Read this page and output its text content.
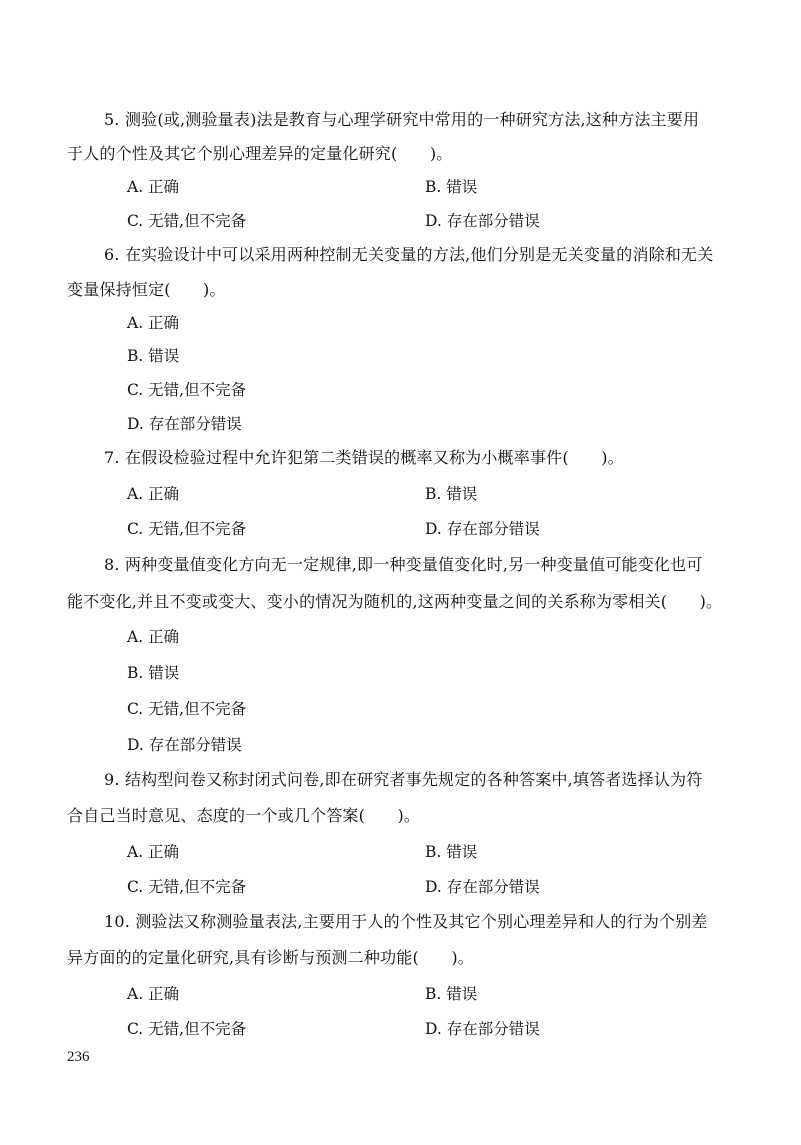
5. 测验(或,测验量表)法是教育与心理学研究中常用的一种研究方法,这种方法主要用
于人的个性及其它个别心理差异的定量化研究(　　)。
A. 正确	B. 错误
C. 无错,但不完备	D. 存在部分错误
6. 在实验设计中可以采用两种控制无关变量的方法,他们分别是无关变量的消除和无关
变量保持恒定(　　)。
A. 正确
B. 错误
C. 无错,但不完备
D. 存在部分错误
7. 在假设检验过程中允许犯第二类错误的概率又称为小概率事件(　　)。
A. 正确	B. 错误
C. 无错,但不完备	D. 存在部分错误
8. 两种变量值变化方向无一定规律,即一种变量值变化时,另一种变量值可能变化也可
能不变化,并且不变或变大、变小的情况为随机的,这两种变量之间的关系称为零相关(　　)。
A. 正确
B. 错误
C. 无错,但不完备
D. 存在部分错误
9. 结构型问卷又称封闭式问卷,即在研究者事先规定的各种答案中,填答者选择认为符
合自己当时意见、态度的一个或几个答案(　　)。
A. 正确	B. 错误
C. 无错,但不完备	D. 存在部分错误
10. 测验法又称测验量表法,主要用于人的个性及其它个别心理差异和人的行为个别差
异方面的的定量化研究,具有诊断与预测二种功能(　　)。
A. 正确	B. 错误
C. 无错,但不完备	D. 存在部分错误
236
